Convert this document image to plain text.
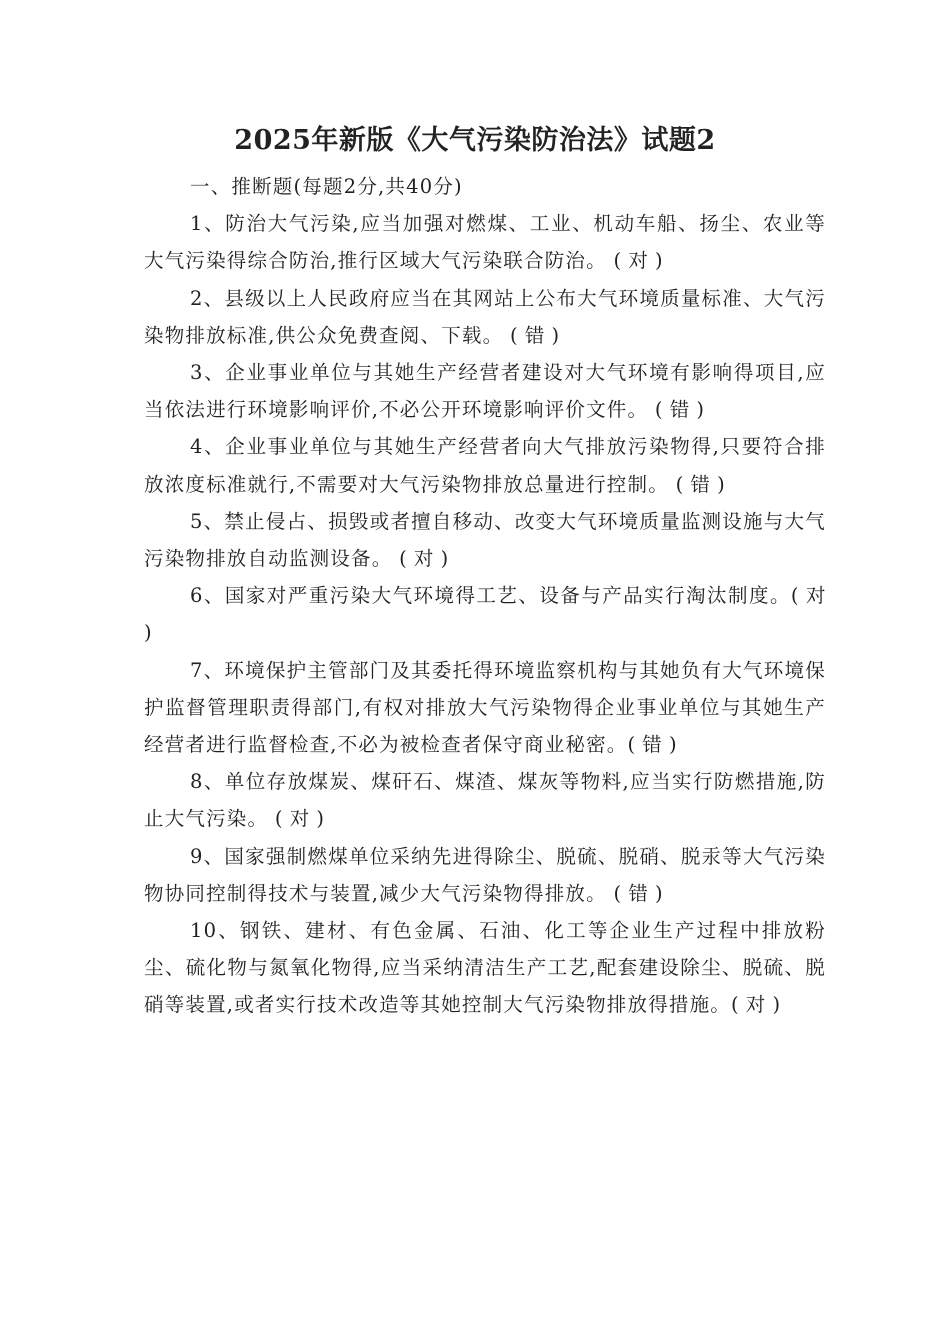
2025年新版《大气污染防治法》试题2

一、推断题(每题2分,共40分)

1、防治大气污染,应当加强对燃煤、工业、机动车船、扬尘、农业等大气污染得综合防治,推行区域大气污染联合防治。 ( 对 )

2、县级以上人民政府应当在其网站上公布大气环境质量标准、大气污染物排放标准,供公众免费查阅、下载。 ( 错 )

3、企业事业单位与其她生产经营者建设对大气环境有影响得项目,应当依法进行环境影响评价,不必公开环境影响评价文件。 ( 错 )

4、企业事业单位与其她生产经营者向大气排放污染物得,只要符合排放浓度标准就行,不需要对大气污染物排放总量进行控制。 ( 错 )

5、禁止侵占、损毁或者擅自移动、改变大气环境质量监测设施与大气污染物排放自动监测设备。 ( 对 )

6、国家对严重污染大气环境得工艺、设备与产品实行淘汰制度。( 对 )

7、环境保护主管部门及其委托得环境监察机构与其她负有大气环境保护监督管理职责得部门,有权对排放大气污染物得企业事业单位与其她生产经营者进行监督检查,不必为被检查者保守商业秘密。( 错 )

8、单位存放煤炭、煤矸石、煤渣、煤灰等物料,应当实行防燃措施,防止大气污染。 ( 对 )

9、国家强制燃煤单位采纳先进得除尘、脱硫、脱硝、脱汞等大气污染物协同控制得技术与装置,减少大气污染物得排放。 ( 错 )

10、钢铁、建材、有色金属、石油、化工等企业生产过程中排放粉尘、硫化物与氮氧化物得,应当采纳清洁生产工艺,配套建设除尘、脱硫、脱硝等装置,或者实行技术改造等其她控制大气污染物排放得措施。( 对 )
